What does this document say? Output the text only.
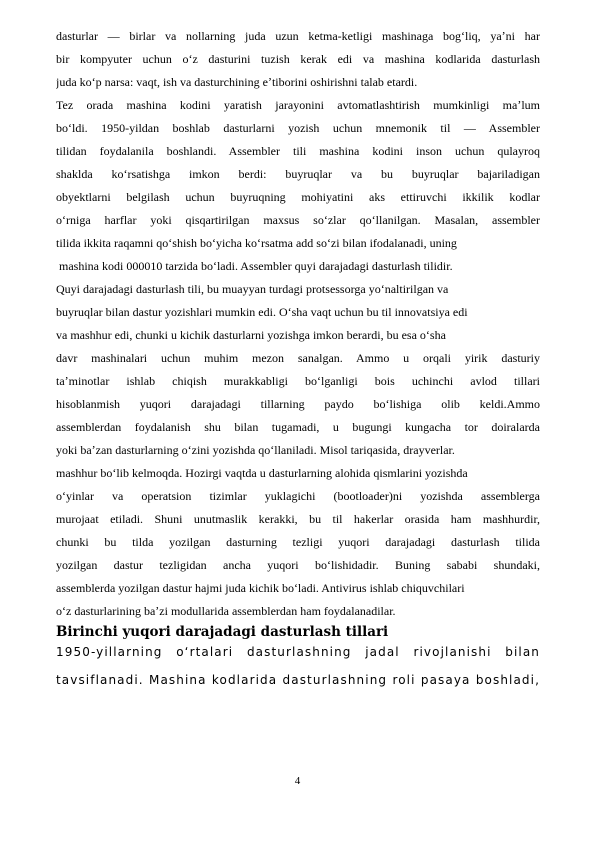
dasturlar — birlar va nollarning juda uzun ketma-ketligi mashinaga bogʻliq, yaʼni har
bir kompyuter uchun oʻz dasturini tuzish kerak edi va mashina kodlarida dasturlash
juda koʻp narsa: vaqt, ish va dasturchining eʼtiborini oshirishni talab etardi.
Tez orada mashina kodini yaratish jarayonini avtomatlashtirish mumkinligi maʼlum
boʻldi. 1950-yildan boshlab dasturlarni yozish uchun mnemonik til — Assembler
tilidan foydalanila boshlandi. Assembler tili mashina kodini inson uchun qulayroq
shaklda koʻrsatishga imkon berdi: buyruqlar va bu buyruqlar bajariladigan
obyektlarni belgilash uchun buyruqning mohiyatini aks ettiruvchi ikkilik kodlar
oʻrniga harflar yoki qisqartirilgan maxsus soʻzlar qoʻllanilgan. Masalan, assembler
tilida ikkita raqamni qoʻshish boʻyicha koʻrsatma add soʻzi bilan ifodalanadi, uning
mashina kodi 000010 tarzida boʻladi. Assembler quyi darajadagi dasturlash tilidir.
Quyi darajadagi dasturlash tili, bu muayyan turdagi protsessorga yoʻnaltirilgan va
buyruqlar bilan dastur yozishlari mumkin edi. Oʻsha vaqt uchun bu til innovatsiya edi
va mashhur edi, chunki u kichik dasturlarni yozishga imkon berardi, bu esa oʻsha
davr mashinalari uchun muhim mezon sanalgan. Ammo u orqali yirik dasturiy
taʼminotlar ishlab chiqish murakkabligi boʻlganligi bois uchinchi avlod tillari
hisoblanmish yuqori darajadagi tillarning paydo boʻlishiga olib keldi.Ammo
assemblerdan foydalanish shu bilan tugamadi, u bugungi kungacha tor doiralarda
yoki baʼzan dasturlarning oʻzini yozishda qoʻllaniladi. Misol tariqasida, drayverlar.
mashhur boʻlib kelmoqda. Hozirgi vaqtda u dasturlarning alohida qismlarini yozishda
oʻyinlar va operatsion tizimlar yuklagichi (bootloader)ni yozishda assemblerga
murojaat etiladi. Shuni unutmaslik kerakki, bu til hakerlar orasida ham mashhurdir,
chunki bu tilda yozilgan dasturning tezligi yuqori darajadagi dasturlash tilida
yozilgan dastur tezligidan ancha yuqori boʻlishidadir. Buning sababi shundaki,
assemblerda yozilgan dastur hajmi juda kichik boʻladi. Antivirus ishlab chiquvchilari
oʻz dasturlarining baʼzi modullarida assemblerdan ham foydalanadilar.
Birinchi yuqori darajadagi dasturlash tillari
1950-yillarning oʻrtalari dasturlashning jadal rivojlanishi bilan
tavsiflanadi. Mashina kodlarida dasturlashning roli pasaya boshladi,
4
